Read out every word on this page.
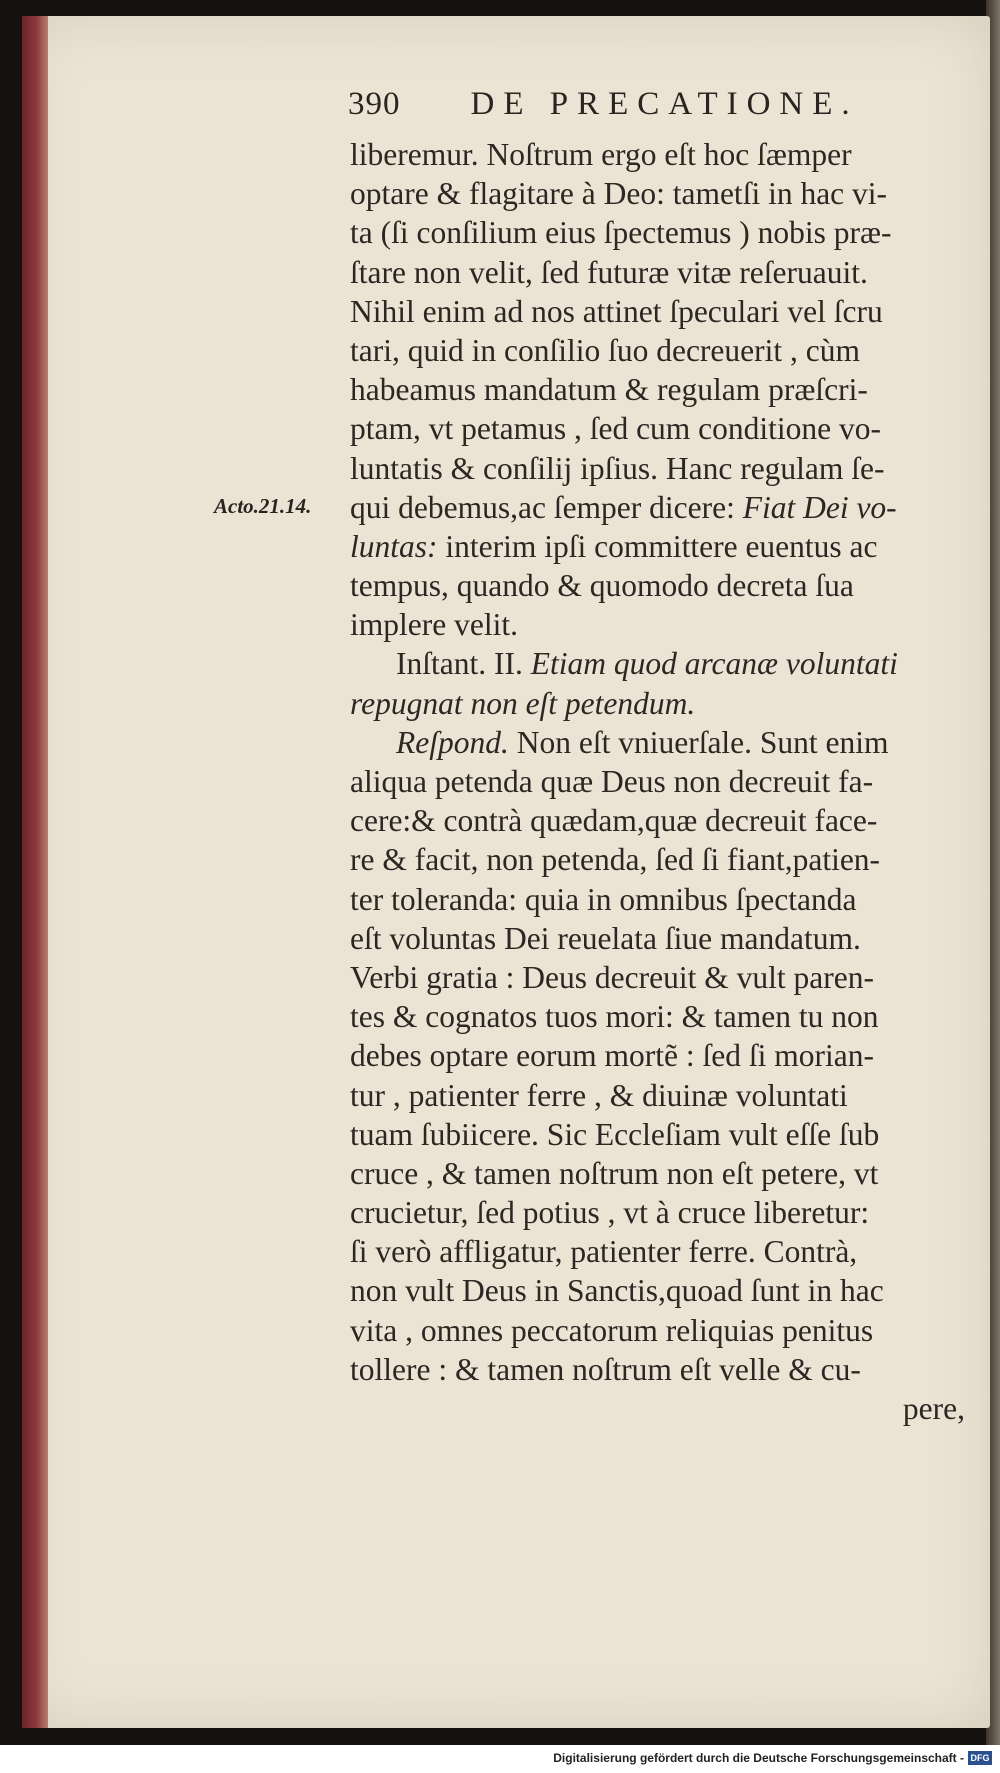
390 DE PRECATIONE.
Acto.21.14.
liberemur. Noſtrum ergo eſt hoc ſæmper
optare & flagitare à Deo: tametſi in hac vi-
ta (ſi conſilium eius ſpectemus ) nobis præ-
ſtare non velit, ſed futuræ vitæ reſeruauit.
Nihil enim ad nos attinet ſpeculari vel ſcru
tari, quid in conſilio ſuo decreuerit , cùm
habeamus mandatum & regulam præſcri-
ptam, vt petamus , ſed cum conditione vo-
luntatis & conſilij ipſius. Hanc regulam ſe-
qui debemus,ac ſemper dicere: Fiat Dei vo-
luntas: interim ipſi committere euentus ac
tempus, quando & quomodo decreta ſua
implere velit.
Inſtant. II. Etiam quod arcanæ voluntati
repugnat non eſt petendum.
Reſpond. Non eſt vniuerſale. Sunt enim
aliqua petenda quæ Deus non decreuit fa-
cere:& contrà quædam,quæ decreuit face-
re & facit, non petenda, ſed ſi fiant,patien-
ter toleranda: quia in omnibus ſpectanda
eſt voluntas Dei reuelata ſiue mandatum.
Verbi gratia : Deus decreuit & vult paren-
tes & cognatos tuos mori: & tamen tu non
debes optare eorum mortẽ : ſed ſi morian-
tur , patienter ferre , & diuinæ voluntati
tuam ſubiicere. Sic Eccleſiam vult eſſe ſub
cruce , & tamen noſtrum non eſt petere, vt
crucietur, ſed potius , vt à cruce liberetur:
ſi verò affligatur, patienter ferre. Contrà,
non vult Deus in Sanctis,quoad ſunt in hac
vita , omnes peccatorum reliquias penitus
tollere : & tamen noſtrum eſt velle & cu-
pere,
Digitalisierung gefördert durch die Deutsche Forschungsgemeinschaft - DFG
